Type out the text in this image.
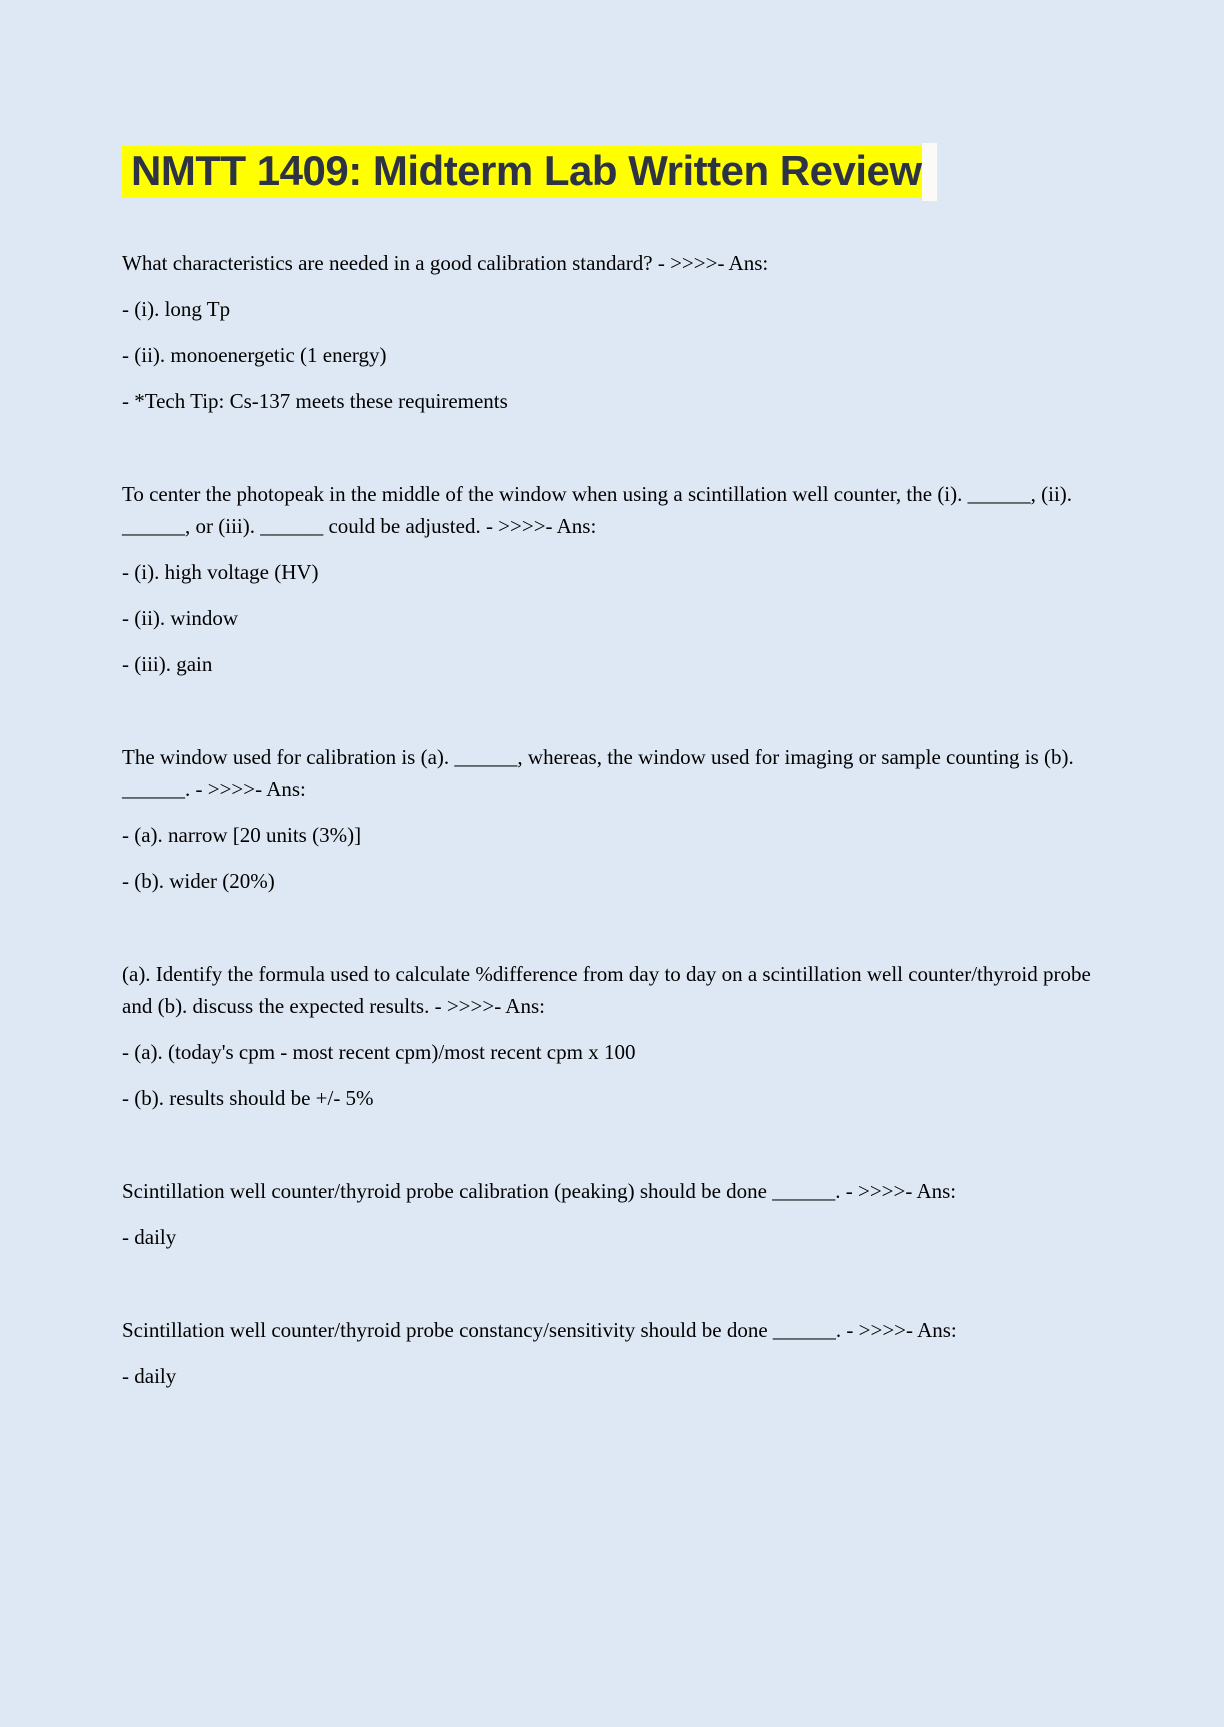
NMTT 1409: Midterm Lab Written Review

What characteristics are needed in a good calibration standard? - >>>>- Ans:

- (i). long Tp

- (ii). monoenergetic (1 energy)

- *Tech Tip: Cs-137 meets these requirements

To center the photopeak in the middle of the window when using a scintillation well counter, the (i). ______, (ii). ______, or (iii). ______ could be adjusted. - >>>>- Ans:

- (i). high voltage (HV)

- (ii). window

- (iii). gain

The window used for calibration is (a). ______, whereas, the window used for imaging or sample counting is (b). ______. - >>>>- Ans:

- (a). narrow [20 units (3%)]

- (b). wider (20%)

(a). Identify the formula used to calculate %difference from day to day on a scintillation well counter/thyroid probe and (b). discuss the expected results. - >>>>- Ans:

- (a). (today's cpm - most recent cpm)/most recent cpm x 100

- (b). results should be +/- 5%

Scintillation well counter/thyroid probe calibration (peaking) should be done ______. - >>>>- Ans:

- daily

Scintillation well counter/thyroid probe constancy/sensitivity should be done ______. - >>>>- Ans:

- daily
